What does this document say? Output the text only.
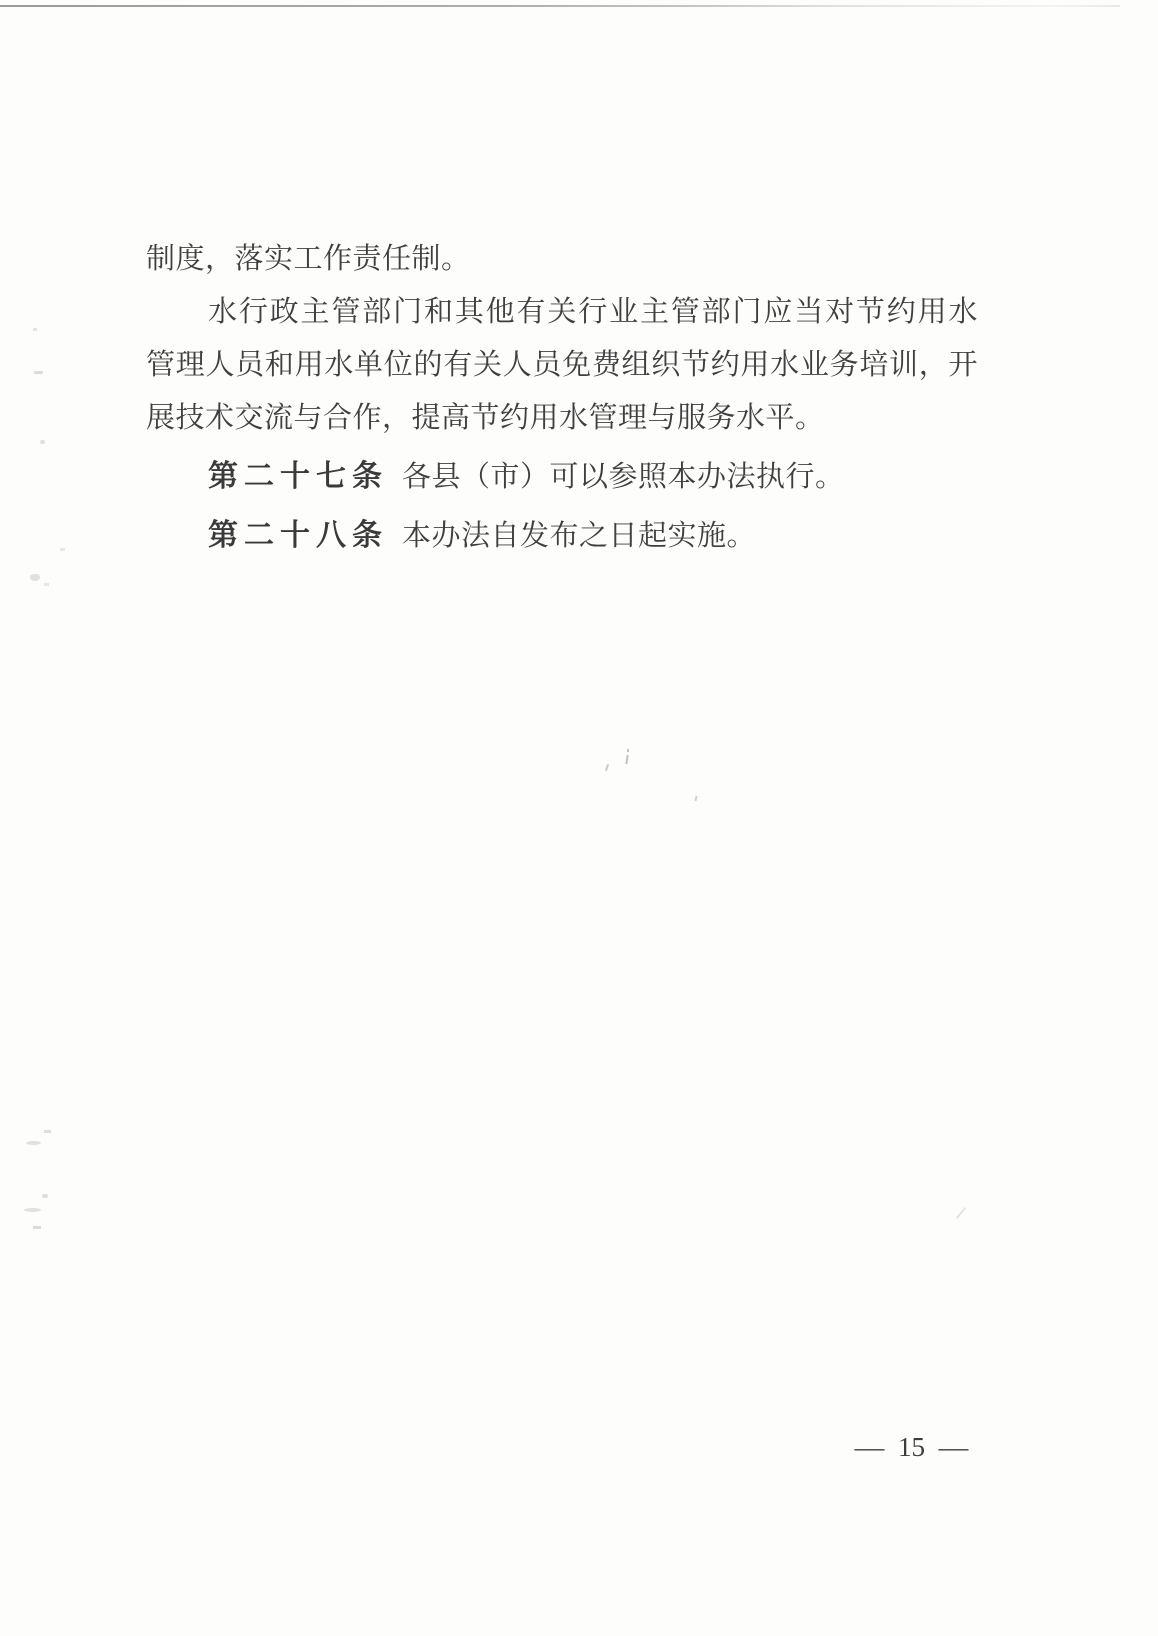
制度，落实工作责任制。
水行政主管部门和其他有关行业主管部门应当对节约用水
管理人员和用水单位的有关人员免费组织节约用水业务培训，开
展技术交流与合作，提高节约用水管理与服务水平。
第二十七条 各县（市）可以参照本办法执行。
第二十八条 本办法自发布之日起实施。
— 15 —
